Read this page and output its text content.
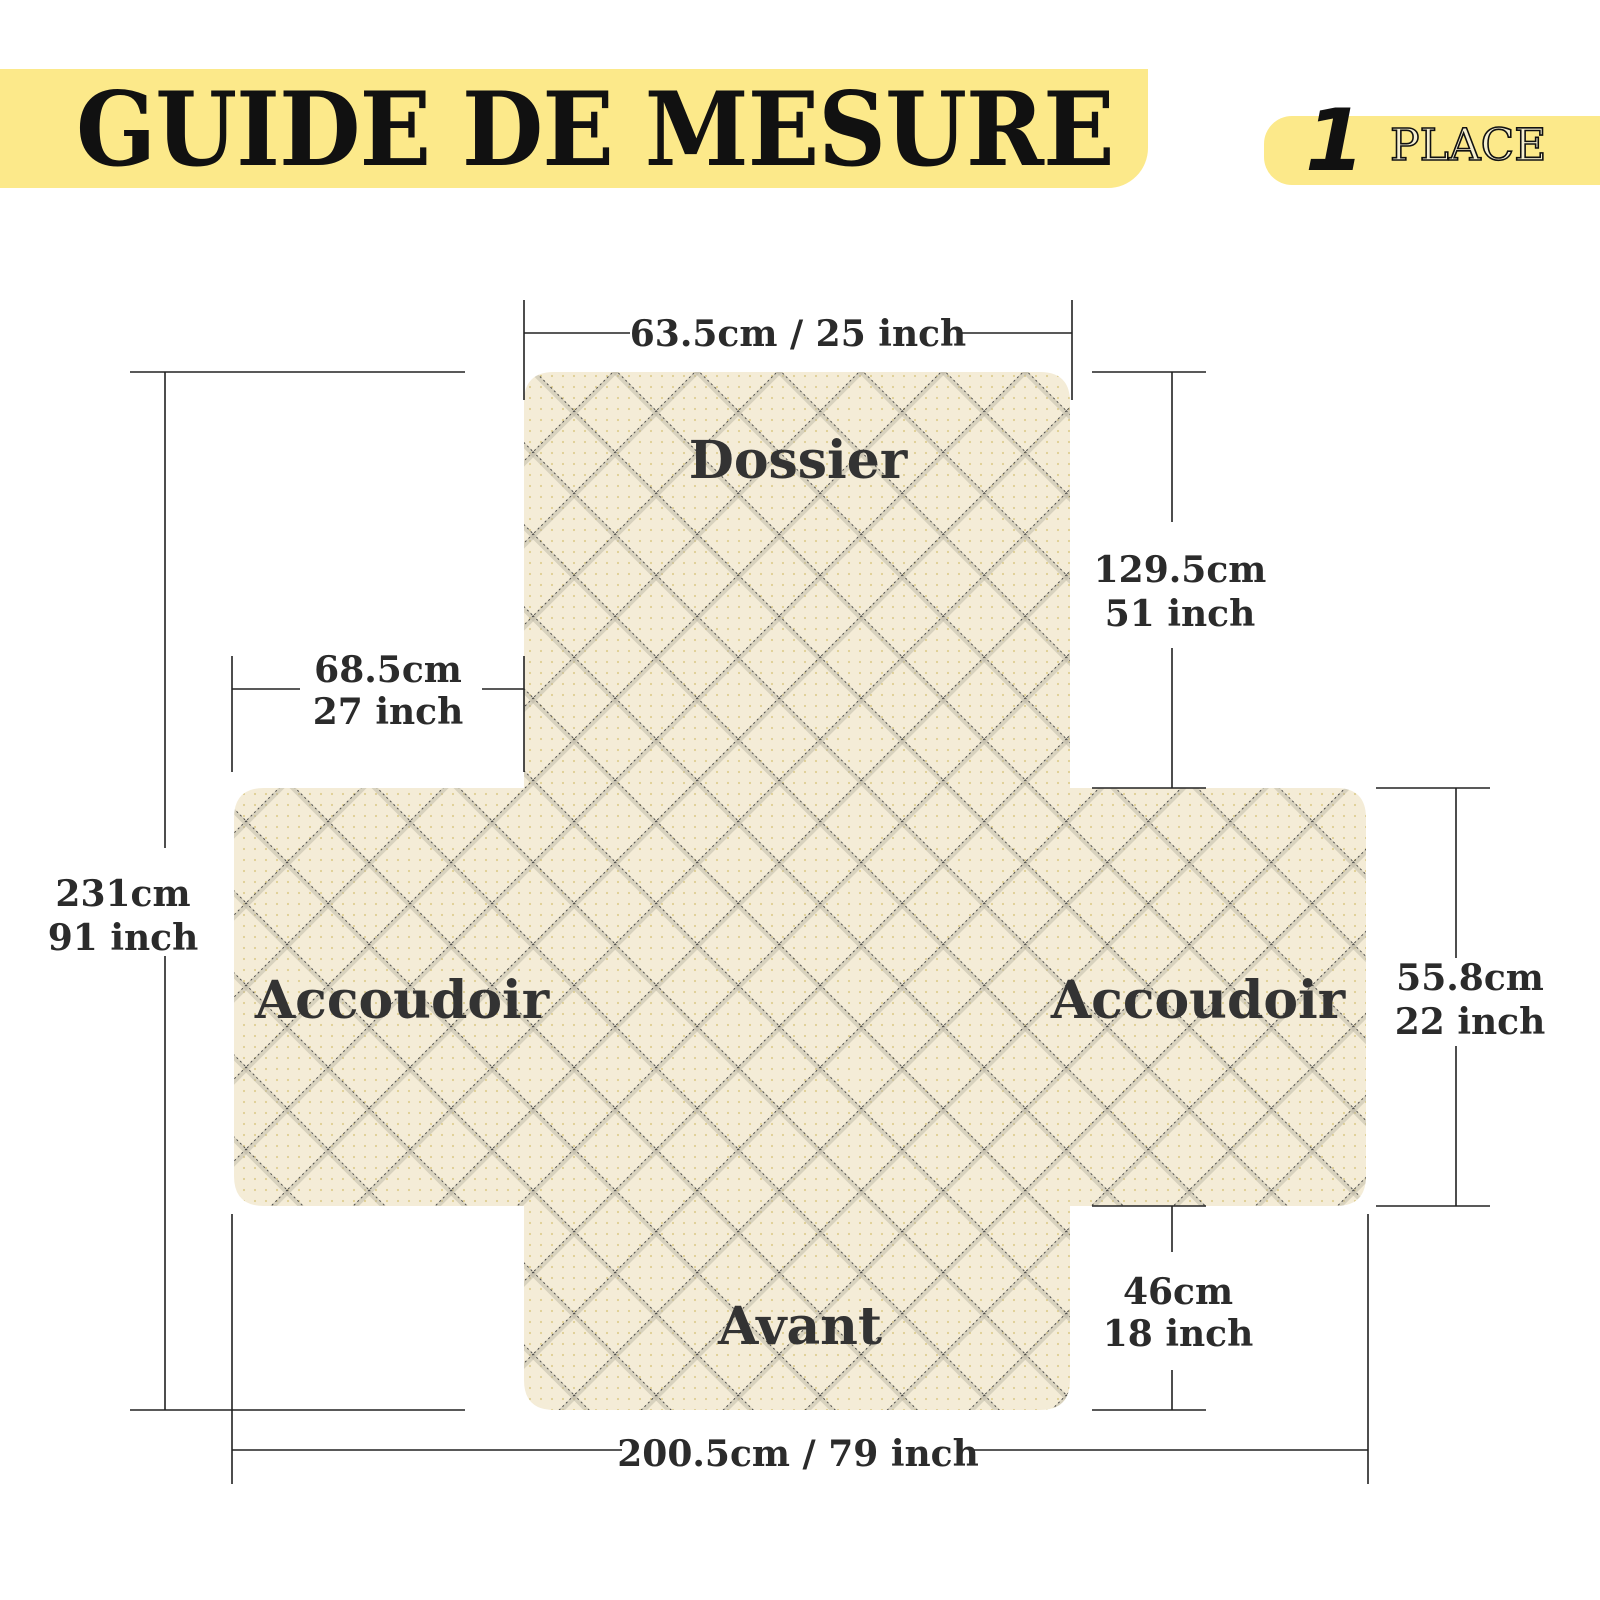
GUIDE DE MESURE 1 PLACE
Dossier
Accoudoir	Accoudoir
Avant
63.5cm / 25 inch
129.5cm
51 inch
68.5cm
27 inch
231cm
91 inch
55.8cm
22 inch
46cm
18 inch
200.5cm / 79 inch
